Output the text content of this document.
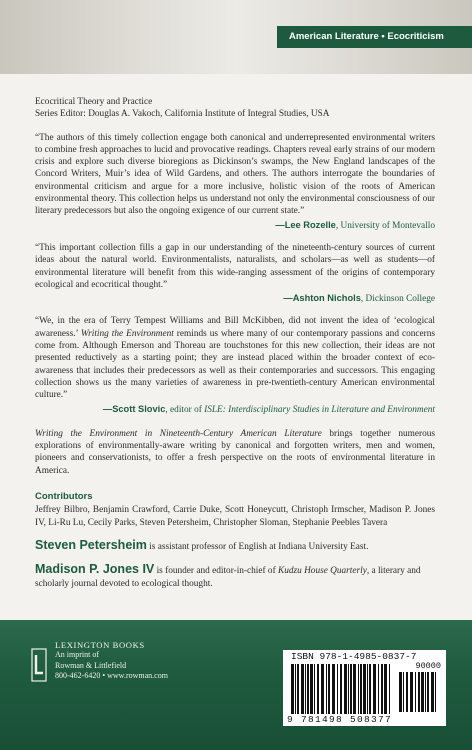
American Literature • Ecocriticism
Ecocritical Theory and Practice
Series Editor: Douglas A. Vakoch, California Institute of Integral Studies, USA
“The authors of this timely collection engage both canonical and underrepresented environmental writers to combine fresh approaches to lucid and provocative readings. Chapters reveal early strains of our modern crisis and explore such diverse bioregions as Dickinson’s swamps, the New England landscapes of the Concord Writers, Muir’s idea of Wild Gardens, and others. The authors interrogate the boundaries of environmental criticism and argue for a more inclusive, holistic vision of the roots of American environmental theory. This collection helps us understand not only the environmental consciousness of our literary predecessors but also the ongoing exigence of our current state.”
—Lee Rozelle, University of Montevallo
“This important collection fills a gap in our understanding of the nineteenth-century sources of current ideas about the natural world. Environmentalists, naturalists, and scholars—as well as students—of environmental literature will benefit from this wide-ranging assessment of the origins of contemporary ecological and ecocritical thought.”
—Ashton Nichols, Dickinson College
“We, in the era of Terry Tempest Williams and Bill McKibben, did not invent the idea of ‘ecological awareness.’ Writing the Environment reminds us where many of our contemporary passions and concerns come from. Although Emerson and Thoreau are touchstones for this new collection, their ideas are not presented reductively as a starting point; they are instead placed within the broader context of eco-awareness that includes their predecessors as well as their contemporaries and successors. This engaging collection shows us the many varieties of awareness in pre-twentieth-century American environmental culture.”
—Scott Slovic, editor of ISLE: Interdisciplinary Studies in Literature and Environment
Writing the Environment in Nineteenth-Century American Literature brings together numerous explorations of environmentally-aware writing by canonical and forgotten writers, men and women, pioneers and conservationists, to offer a fresh perspective on the roots of environmental literature in America.
Contributors
Jeffrey Bilbro, Benjamin Crawford, Carrie Duke, Scott Honeycutt, Christoph Irmscher, Madison P. Jones IV, Li-Ru Lu, Cecily Parks, Steven Petersheim, Christopher Sloman, Stephanie Peebles Tavera
Steven Petersheim is assistant professor of English at Indiana University East.
Madison P. Jones IV is founder and editor-in-chief of Kudzu House Quarterly, a literary and scholarly journal devoted to ecological thought.
LEXINGTON BOOKS
An imprint of
Rowman & Littlefield
800-462-6420 • www.rowman.com
ISBN 978-1-4985-0837-7
90000
9 781498 508377
